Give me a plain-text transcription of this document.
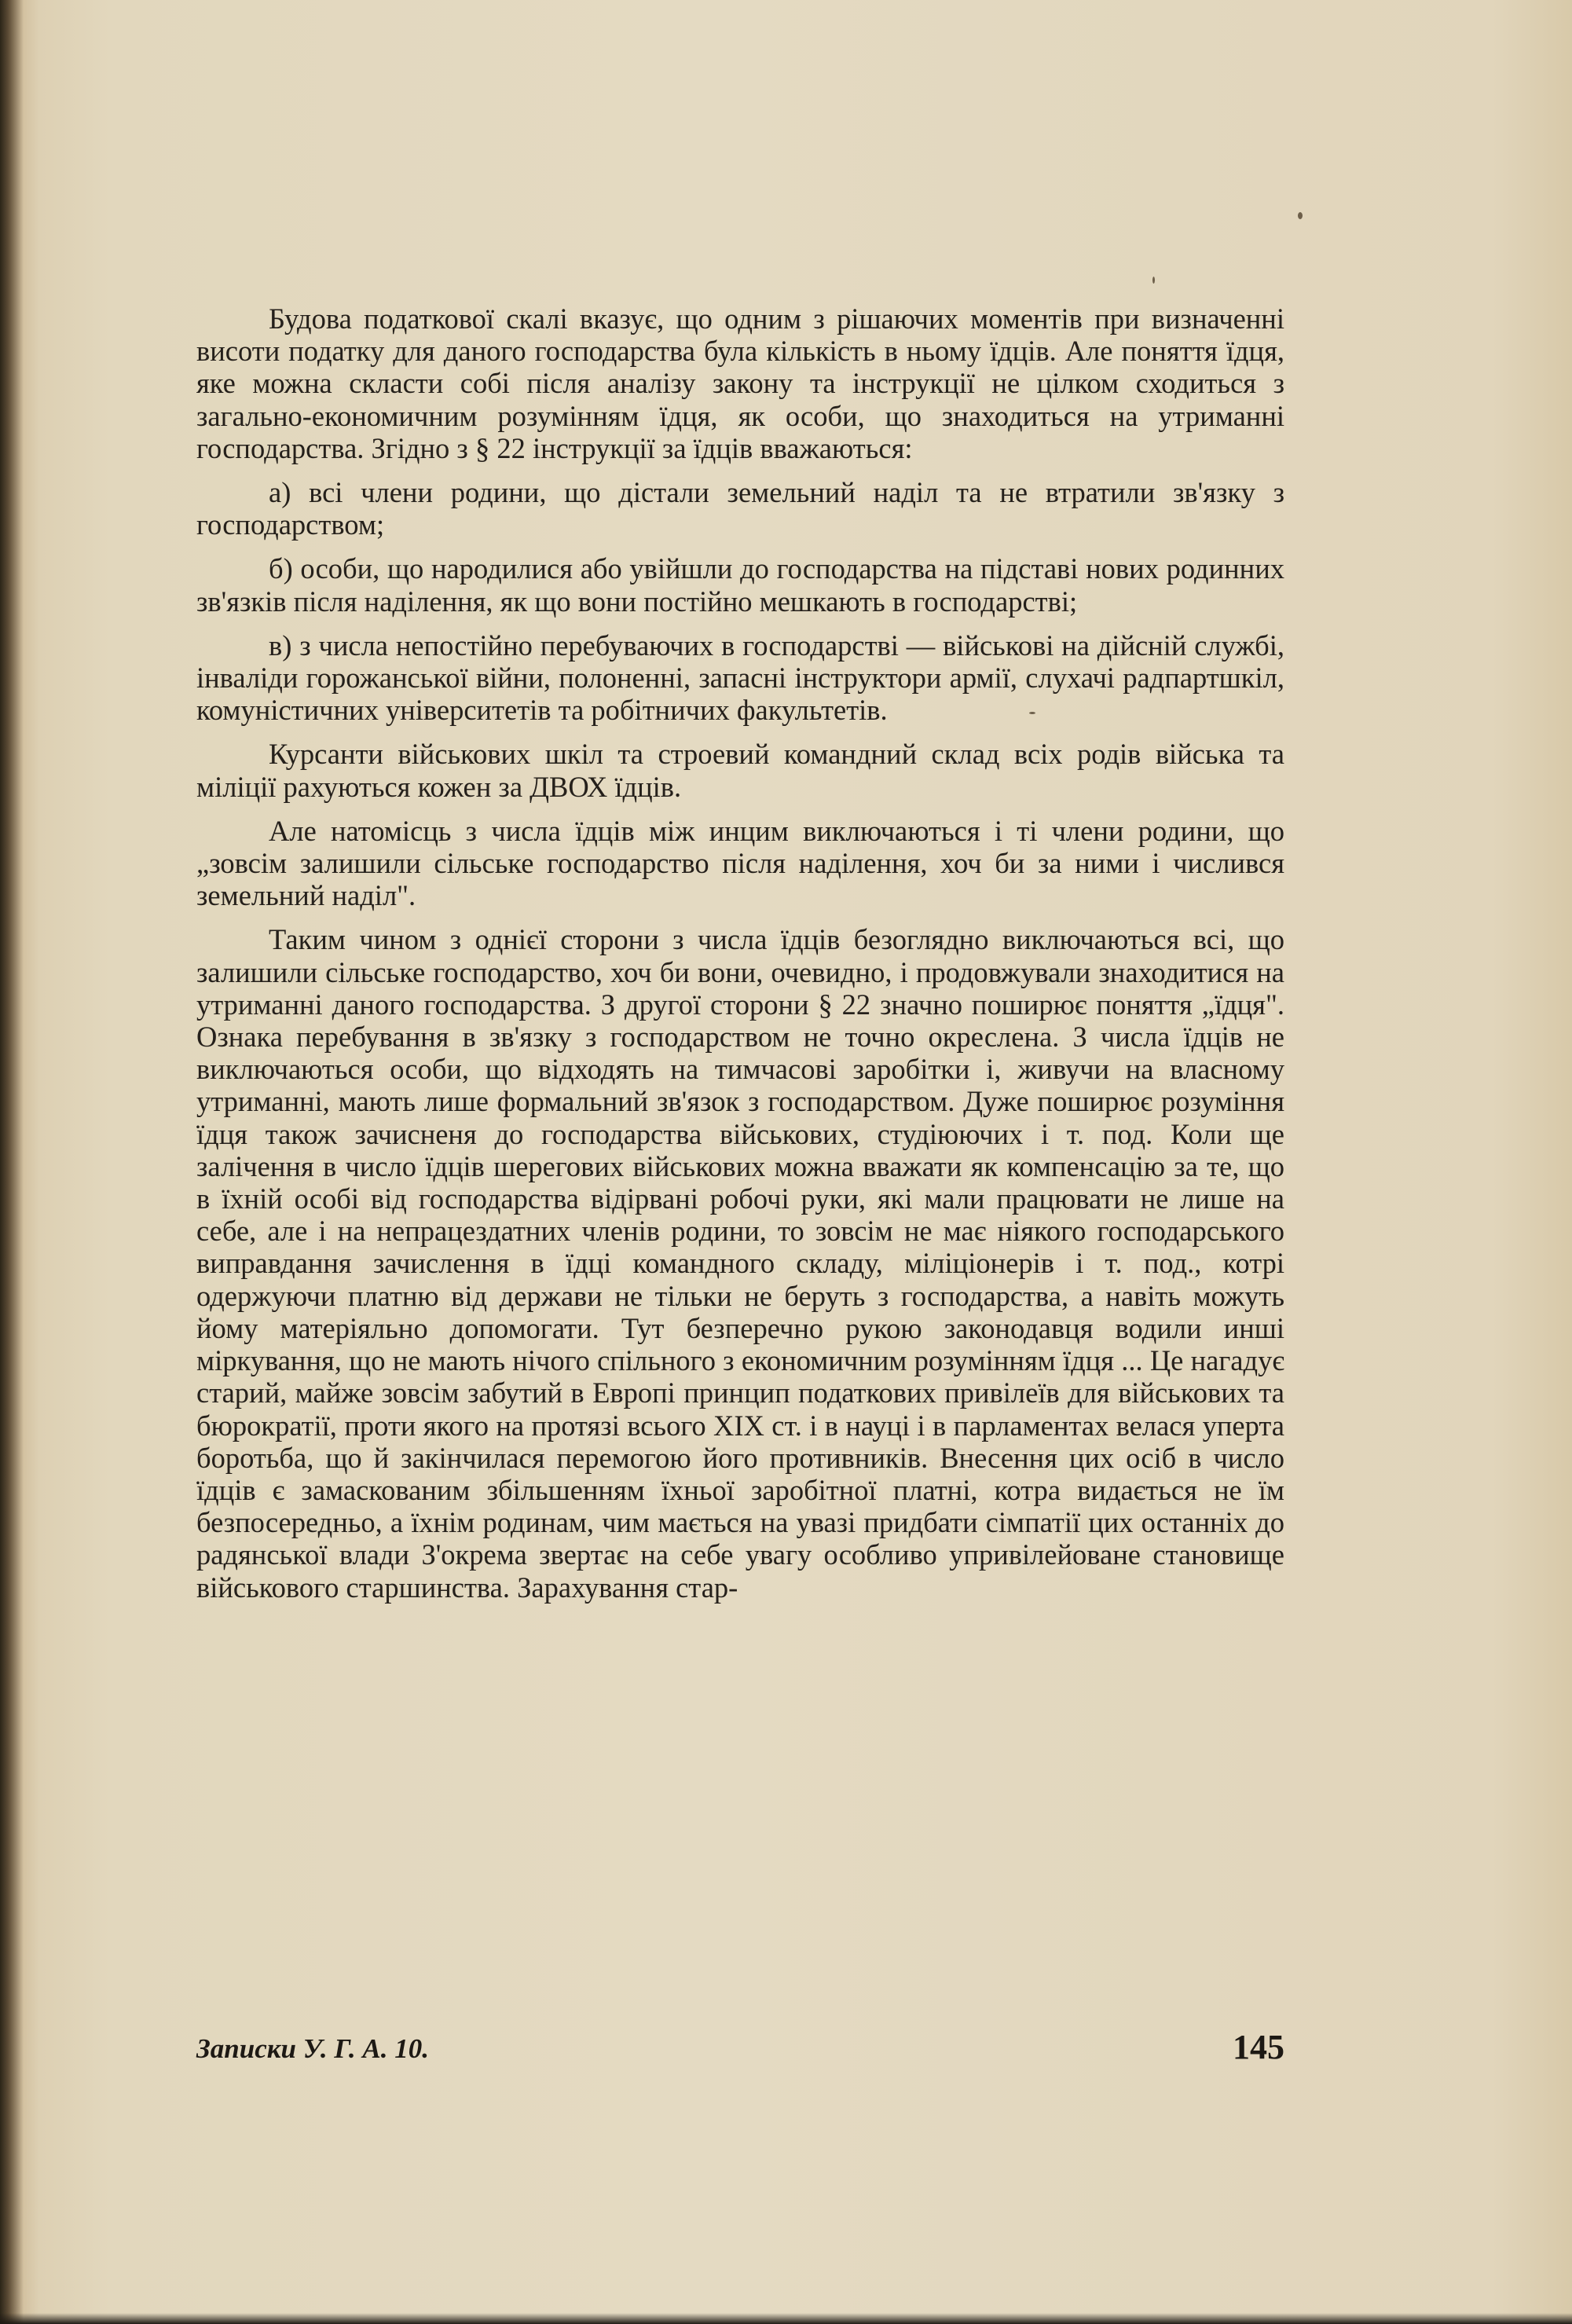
Будова податкової скалі вказує, що одним з рішаючих моментів при визначенні висоти податку для даного господарства була кількість в ньому їдців. Але поняття їдця, яке можна скласти собі після аналізу закону та інструкції не цілком сходиться з загально-економичним розумінням їдця, як особи, що знаходиться на утриманні господарства. Згідно з § 22 інструкції за їдців вважаються:

а) всі члени родини, що дістали земельний наділ та не втратили зв'язку з господарством;

б) особи, що народилися або увійшли до господарства на підставі нових родинних зв'язків після наділення, як що вони постійно мешкають в господарстві;

в) з числа непостійно перебуваючих в господарстві — військові на дійсній службі, інваліди горожанської війни, полоненні, запасні інструктори армії, слухачі радпартшкіл, комуністичних університетів та робітничих факультетів.

Курсанти військових шкіл та строевий командний склад всіх родів війська та міліції рахуються кожен за ДВОХ їдців.

Але натомісць з числа їдців між инцим виключаються і ті члени родини, що „зовсім залишили сільське господарство після наділення, хоч би за ними і числився земельний наділ".

Таким чином з однієї сторони з числа їдців безоглядно виключаються всі, що залишили сільське господарство, хоч би вони, очевидно, і продовжували знаходитися на утриманні даного господарства. З другої сторони § 22 значно поширює поняття „їдця". Ознака перебування в зв'язку з господарством не точно окреслена. З числа їдців не виключаються особи, що відходять на тимчасові заробітки і, живучи на власному утриманні, мають лише формальний зв'язок з господарством. Дуже поширює розуміння їдця також зачисненя до господарства військових, студіюючих і т. под. Коли ще залічення в число їдців шерегових військових можна вважати як компенсацію за те, що в їхній особі від господарства відірвані робочі руки, які мали працювати не лише на себе, але і на непрацездатних членів родини, то зовсім не має ніякого господарського виправдання зачислення в їдці командного складу, міліціонерів і т. под., котрі одержуючи платню від держави не тільки не беруть з господарства, а навіть можуть йому матеріяльно допомогати. Тут безперечно рукою законодавця водили инші міркування, що не мають нічого спільного з економичним розумінням їдця ... Це нагадує старий, майже зовсім забутий в Европі принцип податкових привілеїв для військових та бюрократії, проти якого на протязі всього XIX ст. і в науці і в парламентах велася уперта боротьба, що й закінчилася перемогою його противників. Внесення цих осіб в число їдців є замаскованим збільшенням їхньої заробітної платні, котра видається не їм безпосередньо, а їхнім родинам, чим мається на увазі придбати сімпатії цих останніх до радянської влади З'окрема звертає на себе увагу особливо упривілейоване становище військового старшинства. Зарахування стар-

Записки У. Г. А. 10.	145
